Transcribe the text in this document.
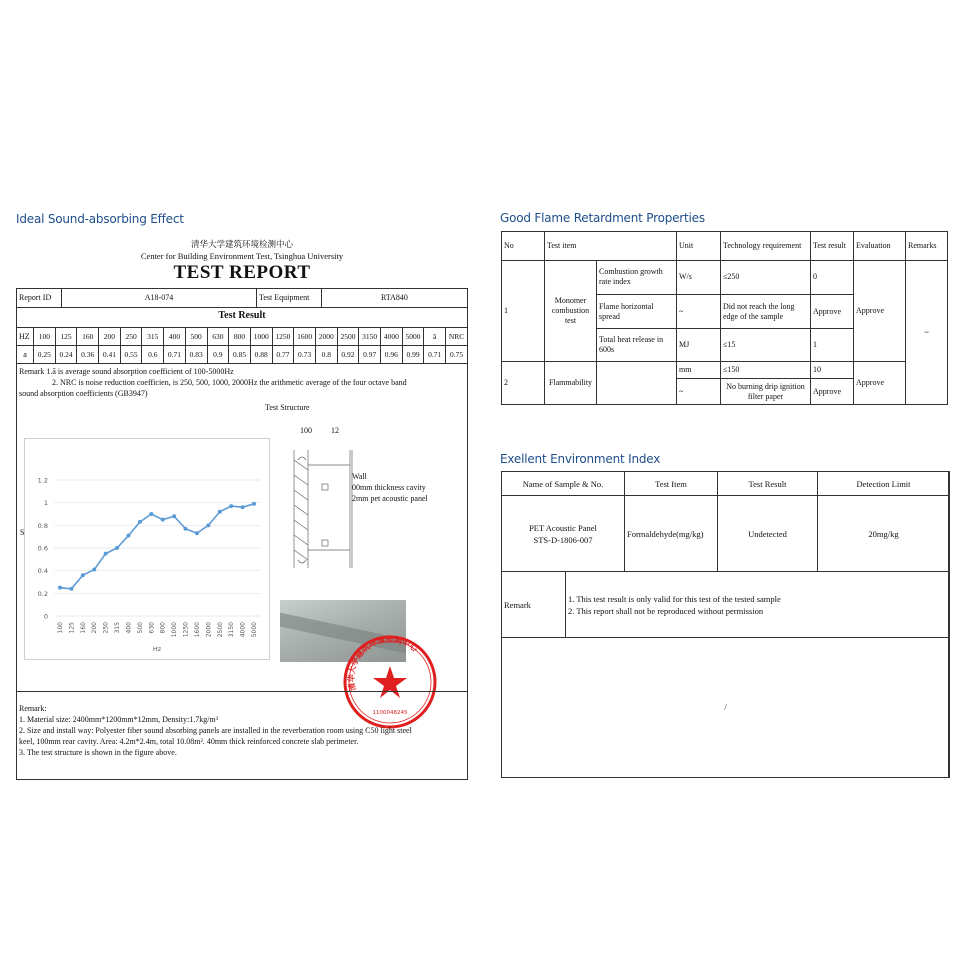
Ideal Sound-absorbing Effect	Good Flame Retardment Properties
Exellent Environment Index
清华大学建筑环境检测中心
Center for Building Environment Test, Tsinghua University
TEST REPORT
Report ID	A18-074	Test Equipment	RTA840
Test Result
HZ	100	125	160	200	250	315	400	500	630	800	1000	1250	1600	2000	2500	3150	4000	5000	ā	NRC
a	0.25	0.24	0.36	0.41	0.55	0.6	0.71	0.83	0.9	0.85	0.88	0.77	0.73	0.8	0.92	0.97	0.96	0.99	0.71	0.75
Remark 1.ā is average sound absorption coefficient of 100-5000Hz
2. NRC is noise reduction coefficien, is 250, 500, 1000, 2000Hz the arithmetic average of the four octave band
sound absorption coefficients (GB3947)
Test Structure
0
0.2
0.4
0.6
0.8
1
1.2
100 125 160 200 250 315 400 500 630 800 1000 1250 1600 2000 2500 3150 4000 5000
Hz
S
100 12
Wall
00mm thickness cavity
2mm pet acoustic panel
清华大学建筑环境检测中心
1100048245
Remark:
1. Material size: 2400mm*1200mm*12mm, Density:1.7kg/m³
2. Size and install way: Polyester fiber sound absorbing panels are installed in the reverberation room using C50 light steel
keel, 100mm rear cavity. Area: 4.2m*2.4m, total 10.08m². 40mm thick reinforced concrete slab perimeter.
3. The test structure is shown in the figure above.
No	Test item		Unit	Technology requirement	Test result	Evaluation	Remarks
1	Monomer combustion test	Combustion growth rate index	W/s	≤250	0	Approve	~
		Flame horizontal spread	~	Did not reach the long edge of the sample	Approve		
		Total heat release in 600s	MJ	≤15	1		
2	Flammability		mm	≤150	10	Approve	
			~	No burning drip ignition filter paper	Approve		
Name of Sample & No.		Test Item	Test Result	Detection Limit

PET Acoustic Panel
STS-D-1806-007		Formaldehyde(mg/kg)	Undetected	20mg/kg
Remark	1. This test result is only valid for this test of the tested sample
2. This report shall not be reproduced without permission			

/				
